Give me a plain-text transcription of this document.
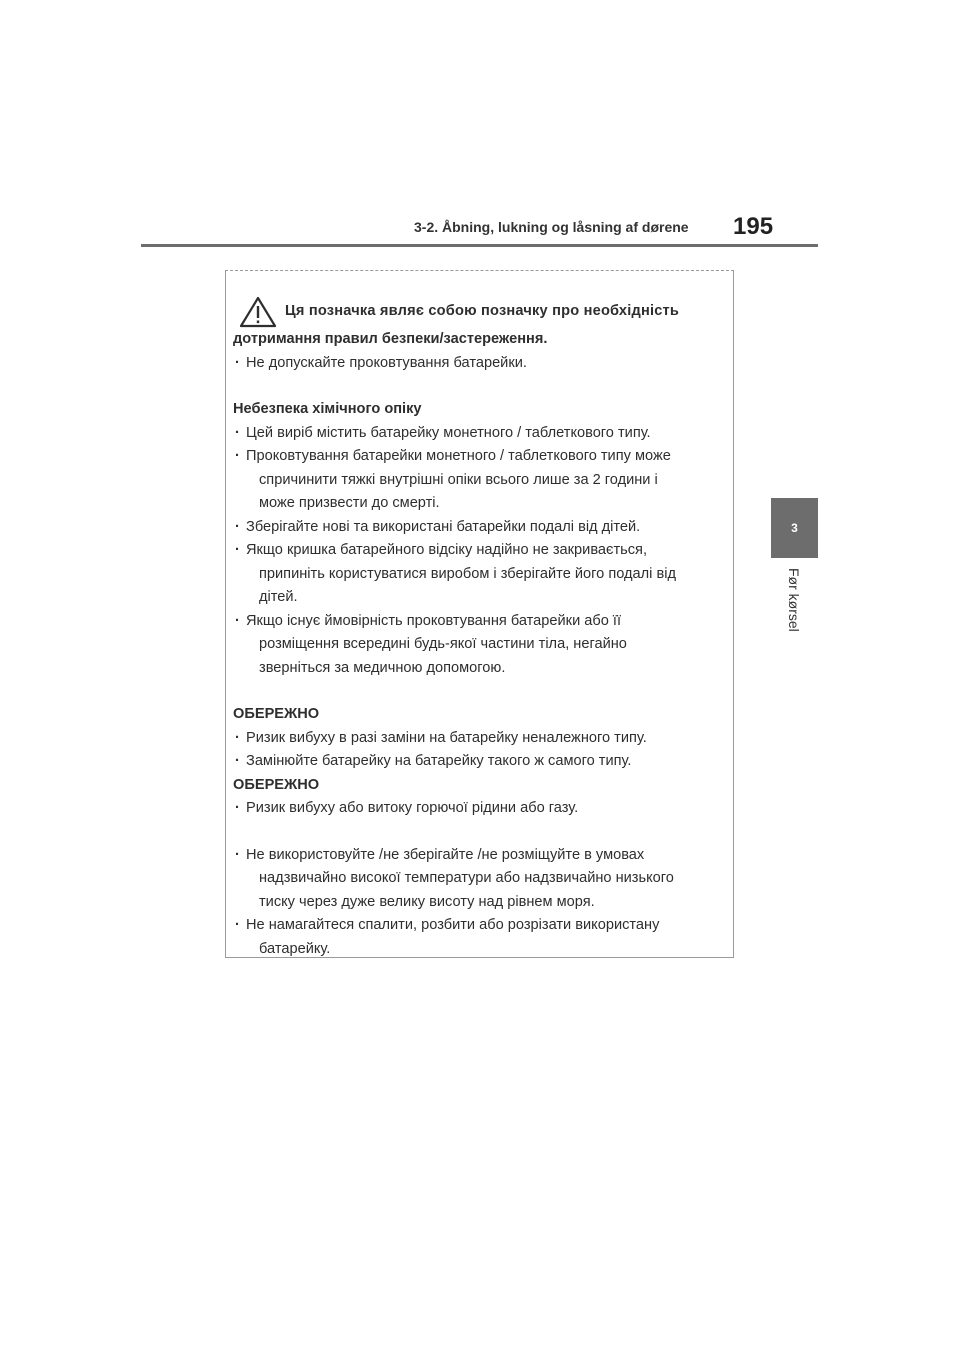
3-2. Åbning, lukning og låsning af dørene 195
3
Før kørsel
Ця позначка являє собою позначку про необхідність
дотримання правил безпеки/застереження.
· Не допускайте проковтування батарейки.
Небезпека хімічного опіку
· Цей виріб містить батарейку монетного / таблеткового типу.
· Проковтування батарейки монетного / таблеткового типу може
спричинити тяжкі внутрішні опіки всього лише за 2 години і
може призвести до смерті.
· Зберігайте нові та використані батарейки подалі від дітей.
· Якщо кришка батарейного відсіку надійно не закривається,
припиніть користуватися виробом і зберігайте його подалі від
дітей.
· Якщо існує ймовірність проковтування батарейки або її
розміщення всередині будь-якої частини тіла, негайно
зверніться за медичною допомогою.
ОБЕРЕЖНО
· Ризик вибуху в разі заміни на батарейку неналежного типу.
· Замінюйте батарейку на батарейку такого ж самого типу.
ОБЕРЕЖНО
· Ризик вибуху або витоку горючої рідини або газу.
· Не використовуйте /не зберігайте /не розміщуйте в умовах
надзвичайно високої температури або надзвичайно низького
тиску через дуже велику висоту над рівнем моря.
· Не намагайтеся спалити, розбити або розрізати використану
батарейку.
